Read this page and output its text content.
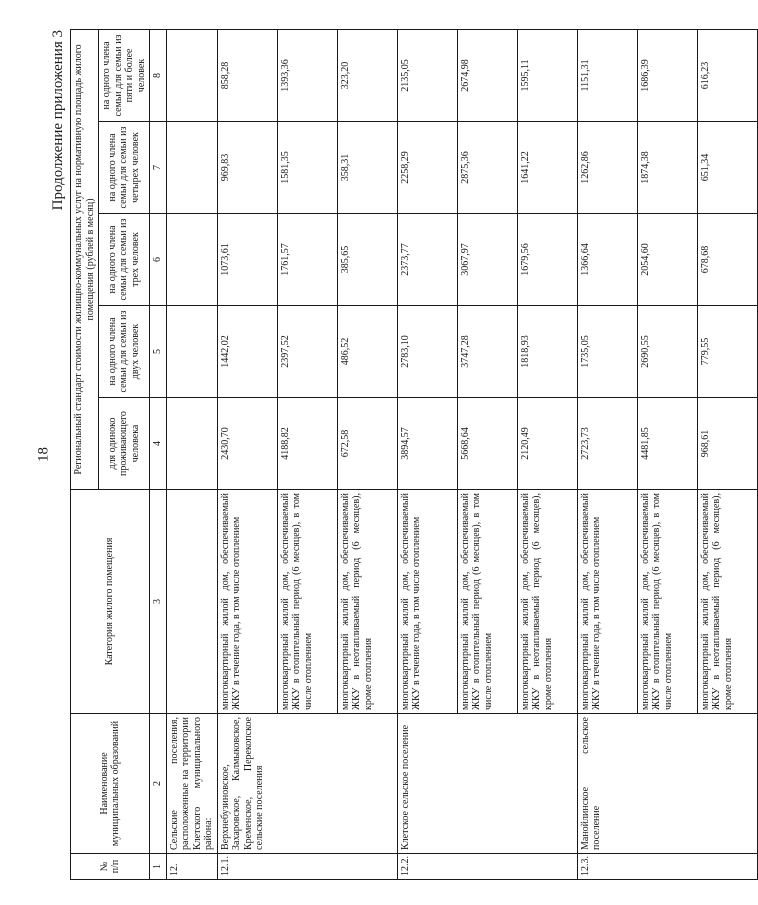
18
Продолжение приложения 3
№ п/п	Наименование муниципальных образований	Категория жилого помещения	Региональный стандарт стоимости жилищно-коммунальных услуг на нормативную площадь жилого помещения (рублей в месяц)				
			для одиноко проживающего человека	на одного члена семьи для семьи из двух человек	на одного члена семьи для семьи из трех человек	на одного члена семьи для семьи из четырех человек	на одного члена семьи для семьи из пяти и более человек
1	2	3	4	5	6	7	8
12.	Сельские поселения, расположенные на территории Клетского муниципального района:						
12.1.	Верхнебузиновское, Захаровское, Калмыковское, Кременское, Перекопское сельские поселения	многоквартирный жилой дом, обеспечиваемый ЖКУ в течение года, в том числе отоплением	2430,70	1442,02	1073,61	969,83	858,28
		многоквартирный жилой дом, обеспечиваемый ЖКУ в отопительный период (6 месяцев), в том числе отоплением	4188,82	2397,52	1761,57	1581,35	1393,36
		многоквартирный жилой дом, обеспечиваемый ЖКУ в неотапливаемый период (6 месяцев), кроме отопления	672,58	486,52	385,65	358,31	323,20
12.2.	Клетское сельское поселение	многоквартирный жилой дом, обеспечиваемый ЖКУ в течение года, в том числе отоплением	3894,57	2783,10	2373,77	2258,29	2135,05
		многоквартирный жилой дом, обеспечиваемый ЖКУ в отопительный период (6 месяцев), в том числе отоплением	5668,64	3747,28	3067,97	2875,36	2674,98
		многоквартирный жилой дом, обеспечиваемый ЖКУ в неотапливаемый период (6 месяцев), кроме отопления	2120,49	1818,93	1679,56	1641,22	1595,11
12.3.	Манойлинское сельское поселение	многоквартирный жилой дом, обеспечиваемый ЖКУ в течение года, в том числе отоплением	2723,73	1735,05	1366,64	1262,86	1151,31
		многоквартирный жилой дом, обеспечиваемый ЖКУ в отопительный период (6 месяцев), в том числе отоплением	4481,85	2690,55	2054,60	1874,38	1686,39
		многоквартирный жилой дом, обеспечиваемый ЖКУ в неотапливаемый период (6 месяцев), кроме отопления	968,61	779,55	678,68	651,34	616,23
